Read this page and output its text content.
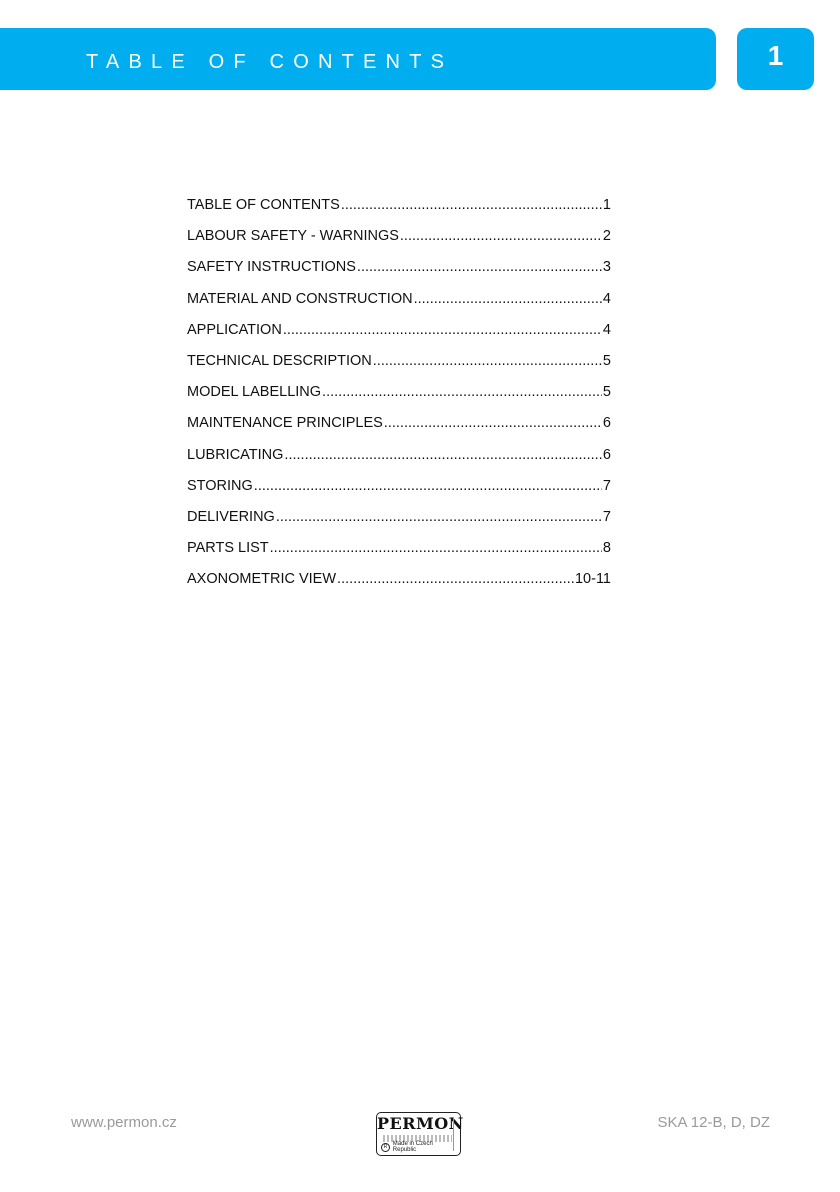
TABLE OF CONTENTS	1
TABLE OF CONTENTS .....	1
LABOUR SAFETY - WARNINGS .....	2
SAFETY INSTRUCTIONS .....	3
MATERIAL AND CONSTRUCTION .....	4
APPLICATION .....	4
TECHNICAL DESCRIPTION .....	5
MODEL LABELLING .....	5
MAINTENANCE PRINCIPLES .....	6
LUBRICATING .....	6
STORING .....	7
DELIVERING .....	7
PARTS LIST .....	8
AXONOMETRIC VIEW .....	10-11
www.permon.cz	PERMON
R Made in Czech Republic
SKA 12-B, D, DZ
